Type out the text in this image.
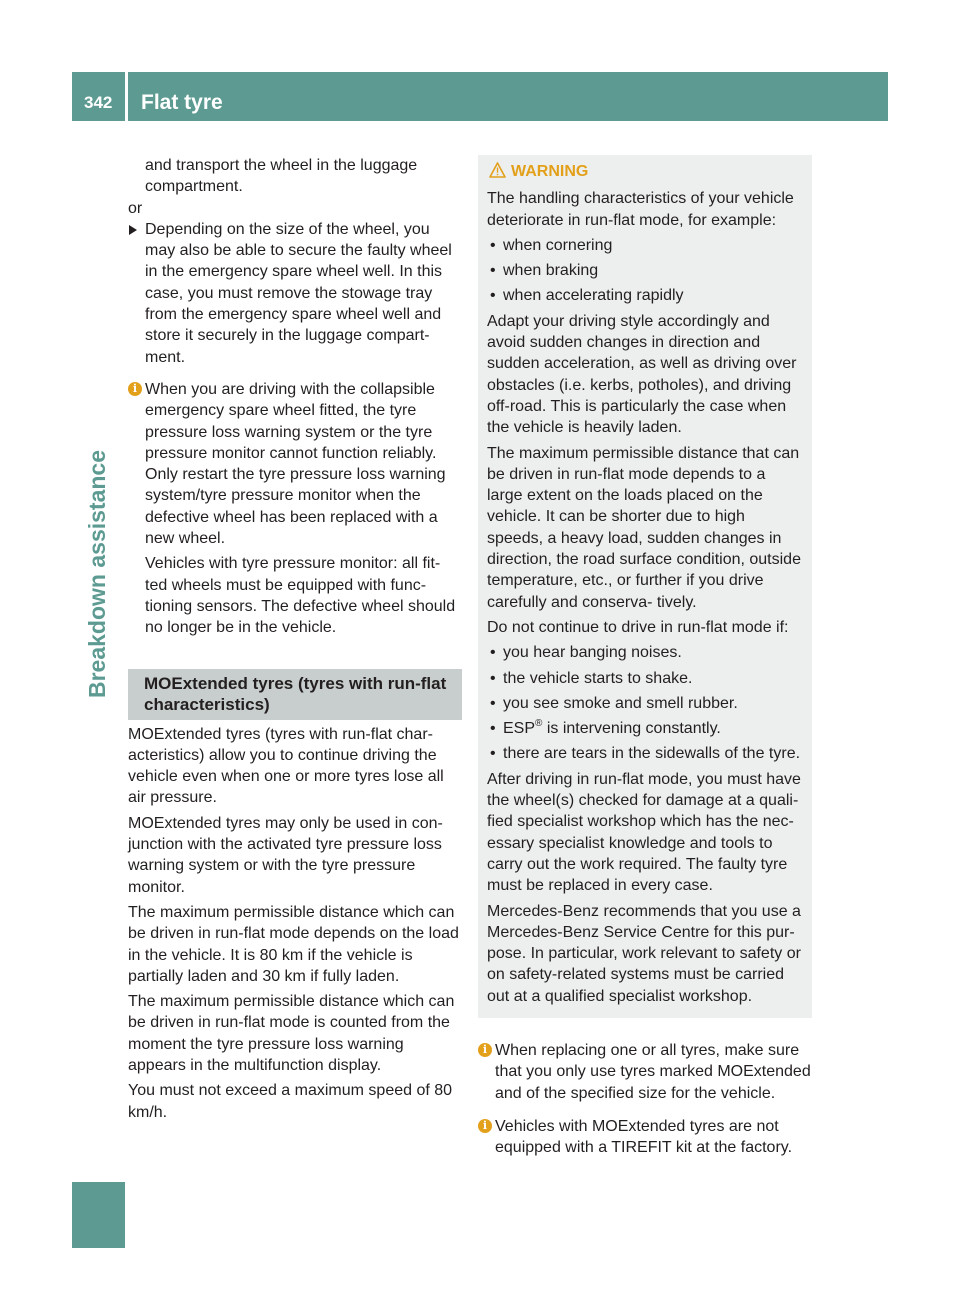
342	Flat tyre
Breakdown assistance

and transport the wheel in the luggage compartment.

or

Depending on the size of the wheel, you may also be able to secure the faulty wheel in the emergency spare wheel well. In this case, you must remove the stowage tray from the emergency spare wheel well and store it securely in the luggage compart- ment.

i When you are driving with the collapsible emergency spare wheel fitted, the tyre pressure loss warning system or the tyre pressure monitor cannot function reliably. Only restart the tyre pressure loss warning system/tyre pressure monitor when the defective wheel has been replaced with a new wheel.

Vehicles with tyre pressure monitor: all fit- ted wheels must be equipped with func- tioning sensors. The defective wheel should no longer be in the vehicle.

MOExtended tyres (tyres with run-flat characteristics)

MOExtended tyres (tyres with run-flat char- acteristics) allow you to continue driving the vehicle even when one or more tyres lose all air pressure.

MOExtended tyres may only be used in con- junction with the activated tyre pressure loss warning system or with the tyre pressure monitor.

The maximum permissible distance which can be driven in run-flat mode depends on the load in the vehicle. It is 80 km if the vehicle is partially laden and 30 km if fully laden.

The maximum permissible distance which can be driven in run-flat mode is counted from the moment the tyre pressure loss warning appears in the multifunction display.

You must not exceed a maximum speed of 80 km/h.

WARNING

The handling characteristics of your vehicle deteriorate in run-flat mode, for example:

• when cornering
• when braking
• when accelerating rapidly

Adapt your driving style accordingly and avoid sudden changes in direction and sudden acceleration, as well as driving over obstacles (i.e. kerbs, potholes), and driving off-road. This is particularly the case when the vehicle is heavily laden.

The maximum permissible distance that can be driven in run-flat mode depends to a large extent on the loads placed on the vehicle. It can be shorter due to high speeds, a heavy load, sudden changes in direction, the road surface condition, outside temperature, etc., or further if you drive carefully and conserva- tively.

Do not continue to drive in run-flat mode if:

• you hear banging noises.
• the vehicle starts to shake.
• you see smoke and smell rubber.
• ESP® is intervening constantly.
• there are tears in the sidewalls of the tyre.

After driving in run-flat mode, you must have the wheel(s) checked for damage at a quali- fied specialist workshop which has the nec- essary specialist knowledge and tools to carry out the work required. The faulty tyre must be replaced in every case.

Mercedes-Benz recommends that you use a Mercedes-Benz Service Centre for this pur- pose. In particular, work relevant to safety or on safety-related systems must be carried out at a qualified specialist workshop.

i When replacing one or all tyres, make sure that you only use tyres marked MOExtended and of the specified size for the vehicle.

i Vehicles with MOExtended tyres are not equipped with a TIREFIT kit at the factory.
